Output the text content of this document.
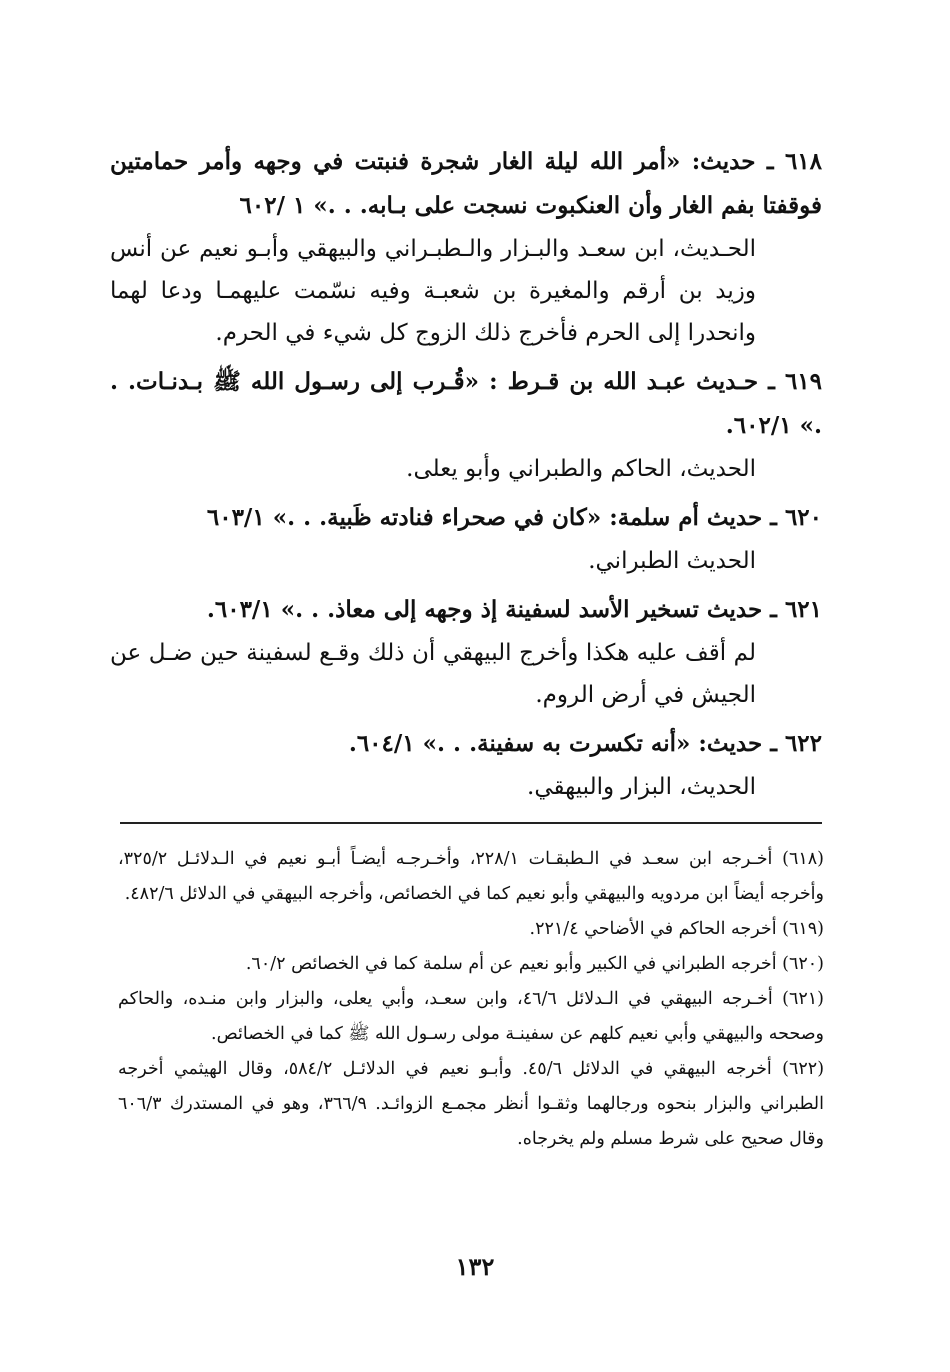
٦١٨ ـ حديث: «أمر الله ليلة الغار شجرة فنبتت في وجهه وأمر حمامتين فوقفتا بفم الغار وأن العنكبوت نسجت على بـابه. . .» ١ /٦٠٢
الحـديث، ابن سعـد والبـزار والـطبـراني والبيهقي وأبـو نعيم عن أنس وزيد بن أرقم والمغيرة بن شعبـة وفيه نسّمت عليهمـا ودعا لهما وانحدرا إلى الحرم فأخرج ذلك الزوج كل شيء في الحرم.
٦١٩ ـ حـديث عبـد الله بن قـرط : «قُـرب إلى رسـول الله ﷺ بـدنـات. . .» ٦٠٢/١.
الحديث، الحاكم والطبراني وأبو يعلى.
٦٢٠ ـ حديث أم سلمة: «كان في صحراء فنادته ظَبية. . .» ٦٠٣/١
الحديث الطبراني.
٦٢١ ـ حديث تسخير الأسد لسفينة إذ وجهه إلى معاذ. . .» ٦٠٣/١.
لم أقف عليه هكذا وأخرج البيهقي أن ذلك وقـع لسفينة حين ضـل عن الجيش في أرض الروم.
٦٢٢ ـ حديث: «أنه تكسرت به سفينة. . .» ٦٠٤/١.
الحديث، البزار والبيهقي.
(٦١٨) أخـرجه ابن سعـد في الـطبقـات ٢٢٨/١، وأخـرجـه أيضـاً أبـو نعيم في الـدلائـل ٣٢٥/٢، وأخرجه أيضاً ابن مردويه والبيهقي وأبو نعيم كما في الخصائص، وأخرجه البيهقي في الدلائل ٤٨٢/٦.
(٦١٩) أخرجه الحاكم في الأضاحي ٢٢١/٤.
(٦٢٠) أخرجه الطبراني في الكبير وأبو نعيم عن أم سلمة كما في الخصائص ٦٠/٢.
(٦٢١) أخـرجه البيهقي في الـدلائل ٤٦/٦، وابن سعـد، وأبي يعلى، والبزار وابن منـده، والحاكم وصححه والبيهقي وأبي نعيم كلهم عن سفينـة مولى رسـول الله ﷺ كما في الخصائص.
(٦٢٢) أخرجه البيهقي في الدلائل ٤٥/٦. وأبـو نعيم في الدلائـل ٥٨٤/٢، وقال الهيثمي أخرجه الطبراني والبزار بنحوه ورجالهما وثقـوا أنظر مجمـع الزوائـد. ٣٦٦/٩، وهو في المستدرك ٦٠٦/٣ وقال صحيح على شرط مسلم ولم يخرجاه.
١٣٢
